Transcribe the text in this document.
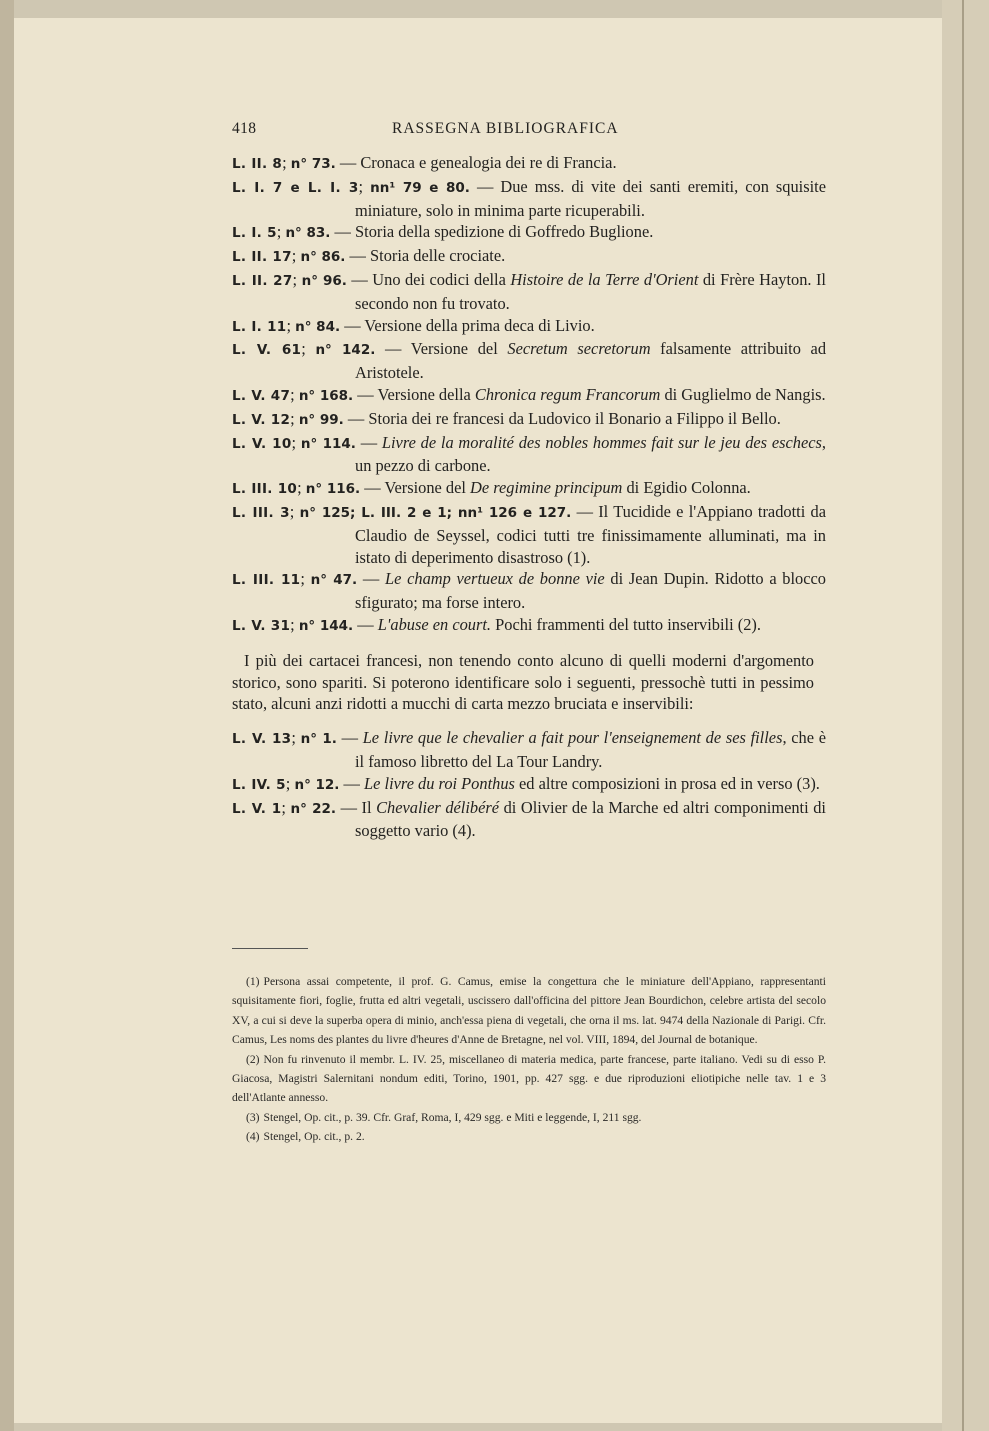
418	RASSEGNA BIBLIOGRAFICA
L. II. 8; n° 73. — Cronaca e genealogia dei re di Francia.
L. I. 7 e L. I. 3; nn¹ 79 e 80. — Due mss. di vite dei santi eremiti, con squisite miniature, solo in minima parte ricuperabili.
L. I. 5; n° 83. — Storia della spedizione di Goffredo Buglione.
L. II. 17; n° 86. — Storia delle crociate.
L. II. 27; n° 96. — Uno dei codici della Histoire de la Terre d'Orient di Frère Hayton. Il secondo non fu trovato.
L. I. 11; n° 84. — Versione della prima deca di Livio.
L. V. 61; n° 142. — Versione del Secretum secretorum falsamente attribuito ad Aristotele.
L. V. 47; n° 168. — Versione della Chronica regum Francorum di Guglielmo de Nangis.
L. V. 12; n° 99. — Storia dei re francesi da Ludovico il Bonario a Filippo il Bello.
L. V. 10; n° 114. — Livre de la moralité des nobles hommes fait sur le jeu des eschecs, un pezzo di carbone.
L. III. 10; n° 116. — Versione del De regimine principum di Egidio Colonna.
L. III. 3; n° 125; L. III. 2 e 1; nn¹ 126 e 127. — Il Tucidide e l'Appiano tradotti da Claudio de Seyssel, codici tutti tre finissimamente alluminati, ma in istato di deperimento disastroso (1).
L. III. 11; n° 47. — Le champ vertueux de bonne vie di Jean Dupin. Ridotto a blocco sfigurato; ma forse intero.
L. V. 31; n° 144. — L'abuse en court. Pochi frammenti del tutto inservibili (2).
I più dei cartacei francesi, non tenendo conto alcuno di quelli moderni d'argomento storico, sono spariti. Si poterono identificare solo i seguenti, pressochè tutti in pessimo stato, alcuni anzi ridotti a mucchi di carta mezzo bruciata e inservibili:
L. V. 13; n° 1. — Le livre que le chevalier a fait pour l'enseignement de ses filles, che è il famoso libretto del La Tour Landry.
L. IV. 5; n° 12. — Le livre du roi Ponthus ed altre composizioni in prosa ed in verso (3).
L. V. 1; n° 22. — Il Chevalier délibéré di Olivier de la Marche ed altri componimenti di soggetto vario (4).
(1) Persona assai competente, il prof. G. Camus, emise la congettura che le miniature dell'Appiano, rappresentanti squisitamente fiori, foglie, frutta ed altri vegetali, uscissero dall'officina del pittore Jean Bourdichon, celebre artista del secolo XV, a cui si deve la superba opera di minio, anch'essa piena di vegetali, che orna il ms. lat. 9474 della Nazionale di Parigi. Cfr. Camus, Les noms des plantes du livre d'heures d'Anne de Bretagne, nel vol. VIII, 1894, del Journal de botanique.
(2) Non fu rinvenuto il membr. L. IV. 25, miscellaneo di materia medica, parte francese, parte italiano. Vedi su di esso P. Giacosa, Magistri Salernitani nondum editi, Torino, 1901, pp. 427 sgg. e due riproduzioni eliotipiche nelle tav. 1 e 3 dell'Atlante annesso.
(3) Stengel, Op. cit., p. 39. Cfr. Graf, Roma, I, 429 sgg. e Miti e leggende, I, 211 sgg.
(4) Stengel, Op. cit., p. 2.
